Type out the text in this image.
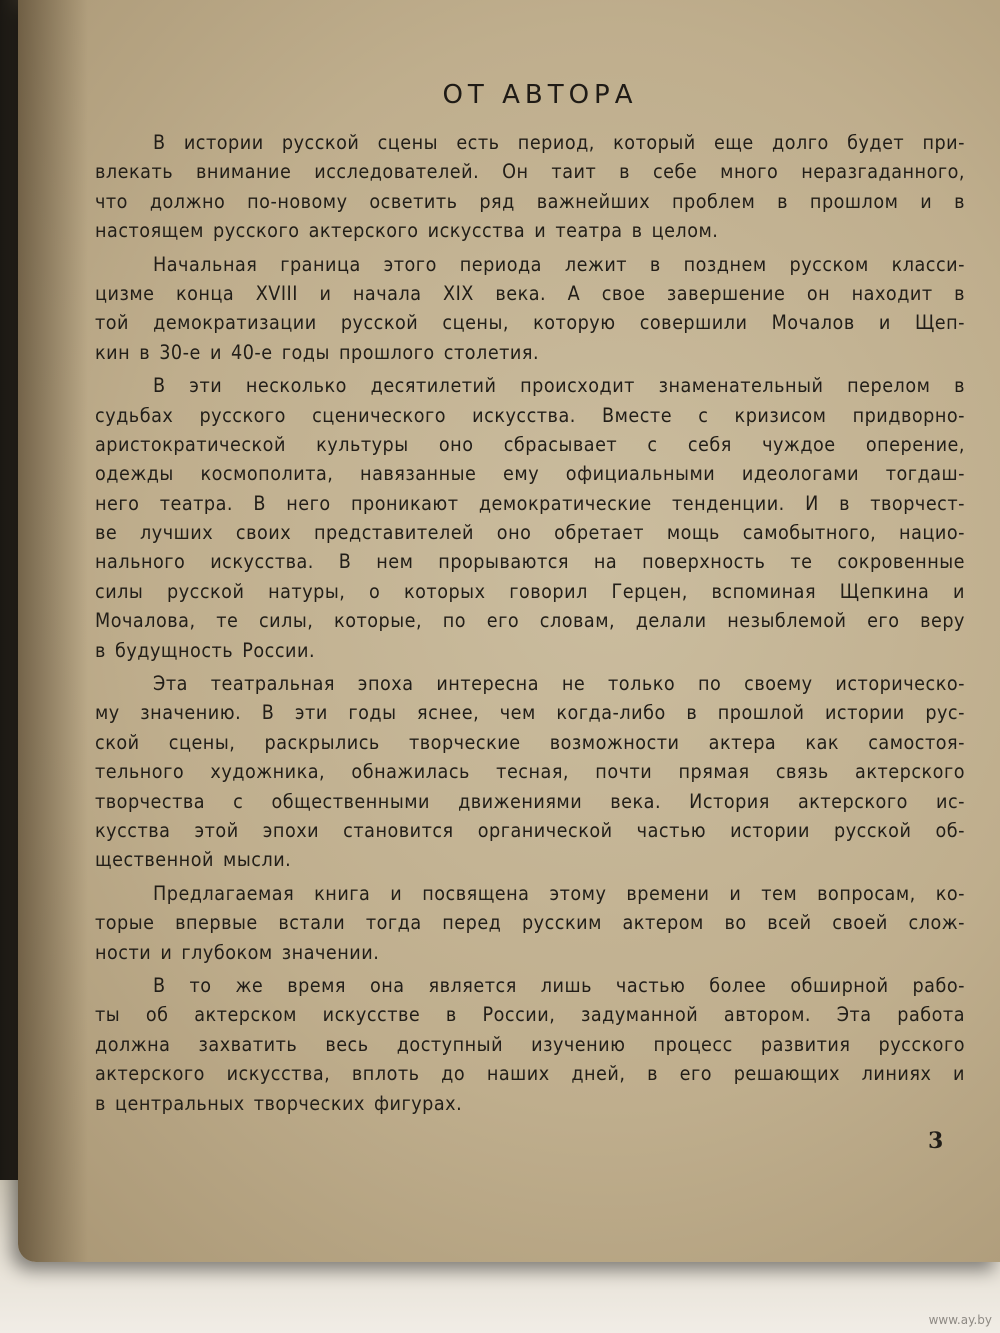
ОТ АВТОРА
В истории русской сцены есть период, который еще долго будет при-
влекать внимание исследователей. Он таит в себе много неразгаданного,
что должно по-новому осветить ряд важнейших проблем в прошлом и в
настоящем русского актерского искусства и театра в целом.
Начальная граница этого периода лежит в позднем русском класси-
цизме конца XVIII и начала XIX века. А свое завершение он находит в
той демократизации русской сцены, которую совершили Мочалов и Щеп-
кин в 30-е и 40-е годы прошлого столетия.
В эти несколько десятилетий происходит знаменательный перелом в
судьбах русского сценического искусства. Вместе с кризисом придворно-
аристократической культуры оно сбрасывает с себя чуждое оперение,
одежды космополита, навязанные ему официальными идеологами тогдаш-
него театра. В него проникают демократические тенденции. И в творчест-
ве лучших своих представителей оно обретает мощь самобытного, нацио-
нального искусства. В нем прорываются на поверхность те сокровенные
силы русской натуры, о которых говорил Герцен, вспоминая Щепкина и
Мочалова, те силы, которые, по его словам, делали незыблемой его веру
в будущность России.
Эта театральная эпоха интересна не только по своему историческо-
му значению. В эти годы яснее, чем когда-либо в прошлой истории рус-
ской сцены, раскрылись творческие возможности актера как самостоя-
тельного художника, обнажилась тесная, почти прямая связь актерского
творчества с общественными движениями века. История актерского ис-
кусства этой эпохи становится органической частью истории русской об-
щественной мысли.
Предлагаемая книга и посвящена этому времени и тем вопросам, ко-
торые впервые встали тогда перед русским актером во всей своей слож-
ности и глубоком значении.
В то же время она является лишь частью более обширной рабо-
ты об актерском искусстве в России, задуманной автором. Эта работа
должна захватить весь доступный изучению процесс развития русского
актерского искусства, вплоть до наших дней, в его решающих линиях и
в центральных творческих фигурах.
3
www.ay.by
